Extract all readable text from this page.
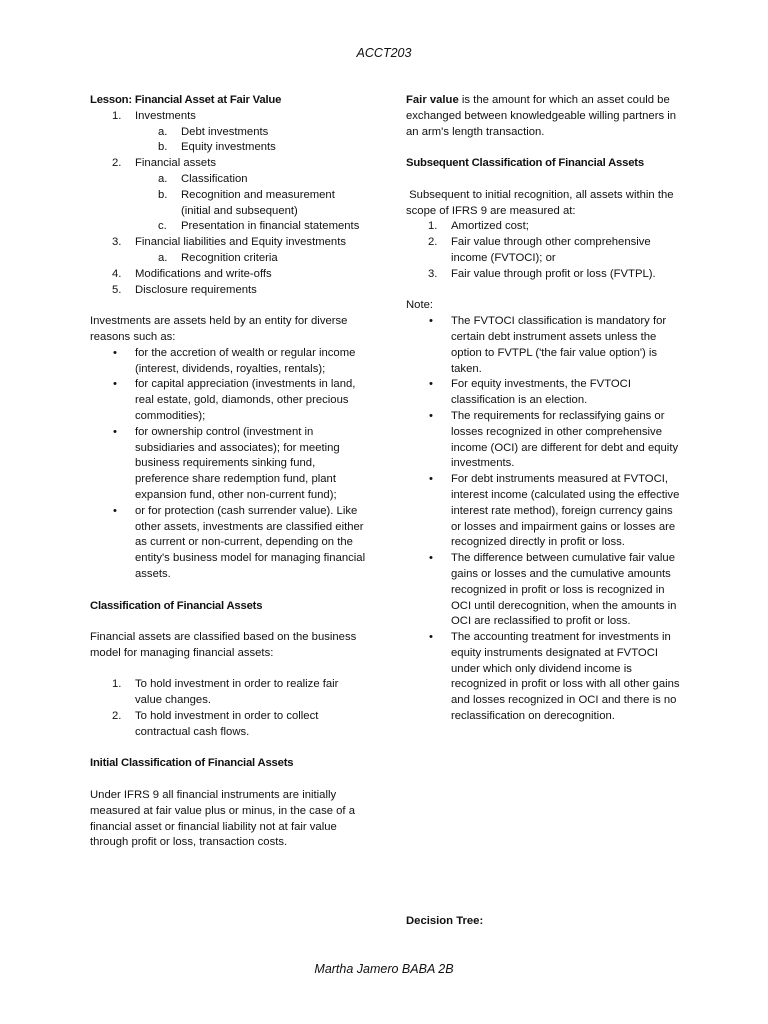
ACCT203

Lesson: Financial Asset at Fair Value

1.	Investments
a.	Debt investments
b.	Equity investments
2.	Financial assets
a.	Classification
b.	Recognition and measurement (initial and subsequent)
c.	Presentation in financial statements
3.	Financial liabilities and Equity investments
a.	Recognition criteria
4.	Modifications and write-offs
5.	Disclosure requirements

Investments are assets held by an entity for diverse reasons such as:

• for the accretion of wealth or regular income (interest, dividends, royalties, rentals);
• for capital appreciation (investments in land, real estate, gold, diamonds, other precious commodities);
• for ownership control (investment in subsidiaries and associates); for meeting business requirements sinking fund, preference share redemption fund, plant expansion fund, other non-current fund);
• or for protection (cash surrender value). Like other assets, investments are classified either as current or non-current, depending on the entity's business model for managing financial assets.

Classification of Financial Assets

Financial assets are classified based on the business model for managing financial assets:

1.	To hold investment in order to realize fair value changes.
2.	To hold investment in order to collect contractual cash flows.

Initial Classification of Financial Assets

Under IFRS 9 all financial instruments are initially measured at fair value plus or minus, in the case of a financial asset or financial liability not at fair value through profit or loss, transaction costs.

Fair value is the amount for which an asset could be exchanged between knowledgeable willing partners in an arm's length transaction.

Subsequent Classification of Financial Assets

Subsequent to initial recognition, all assets within the scope of IFRS 9 are measured at:

1.	Amortized cost;
2.	Fair value through other comprehensive income (FVTOCI); or
3.	Fair value through profit or loss (FVTPL).

Note:

• The FVTOCI classification is mandatory for certain debt instrument assets unless the option to FVTPL ('the fair value option') is taken.
• For equity investments, the FVTOCI classification is an election.
• The requirements for reclassifying gains or losses recognized in other comprehensive income (OCI) are different for debt and equity investments.
• For debt instruments measured at FVTOCI, interest income (calculated using the effective interest rate method), foreign currency gains or losses and impairment gains or losses are recognized directly in profit or loss.
• The difference between cumulative fair value gains or losses and the cumulative amounts recognized in profit or loss is recognized in OCI until derecognition, when the amounts in OCI are reclassified to profit or loss.
• The accounting treatment for investments in equity instruments designated at FVTOCI under which only dividend income is recognized in profit or loss with all other gains and losses recognized in OCI and there is no reclassification on derecognition.
Decision Tree:
Martha Jamero BABA 2B
